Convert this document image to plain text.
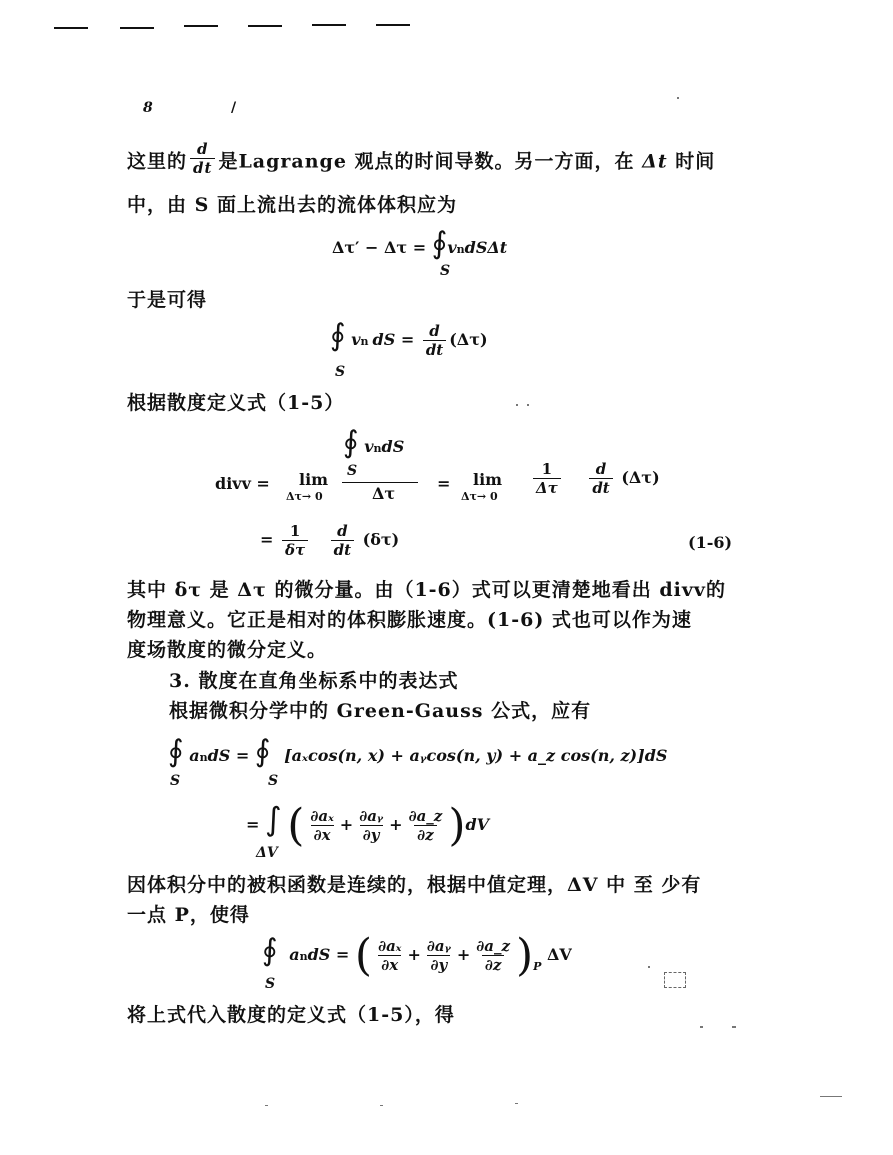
8	/
这里的 $\frac{d}{dt}$ 是Lagrange 观点的时间导数。另一方面，在 Δt 时间
中，由 S 面上流出去的流体体积应为
Δτ′ − Δτ = ∮vndSΔt
S
于是可得
∮ vn dS = $\frac{d}{dt} (\Delta\tau)$
S
根据散度定义式（1-5）
∮ vndS
S
divv = lim
Δτ→ 0	Δτ
= lim
$\Delta\tau\to 0 \frac{1}{\Delta\tau}$
$\frac{d}{dt} (\Delta\tau)$
= $\frac{1}{\delta\tau}$
$\frac{d}{dt} (\delta\tau)$	(1-6)
其中 δτ 是 Δτ 的微分量。由（1-6）式可以更清楚地看出 divv的
物理意义。它正是相对的体积膨胀速度。(1-6) 式也可以作为速
度场散度的微分定义。
3. 散度在直角坐标系中的表达式
根据微积分学中的 Green-Gauss 公式，应有
∮ andS = ∮ [aₓcos(n, x) + aᵧcos(n, y) + a_z cos(n, z)]dS
S	S
= ∫ ( $\frac{\text{∂aₓ}}{\partial x} + \frac{\text{∂aᵧ}}{\partial y} + \frac{\partial a\_z}{\partial z} )dV$
ΔV
因体积分中的被积函数是连续的，根据中值定理，ΔV 中 至 少有
一点 P，使得
∮ andS = ( $\frac{\text{∂aₓ}}{\partial x} + \frac{\text{∂aᵧ}}{\partial y} + \frac{\partial a\_z}{\partial z} )_P$ ΔV
S
将上式代入散度的定义式（1-5），得
